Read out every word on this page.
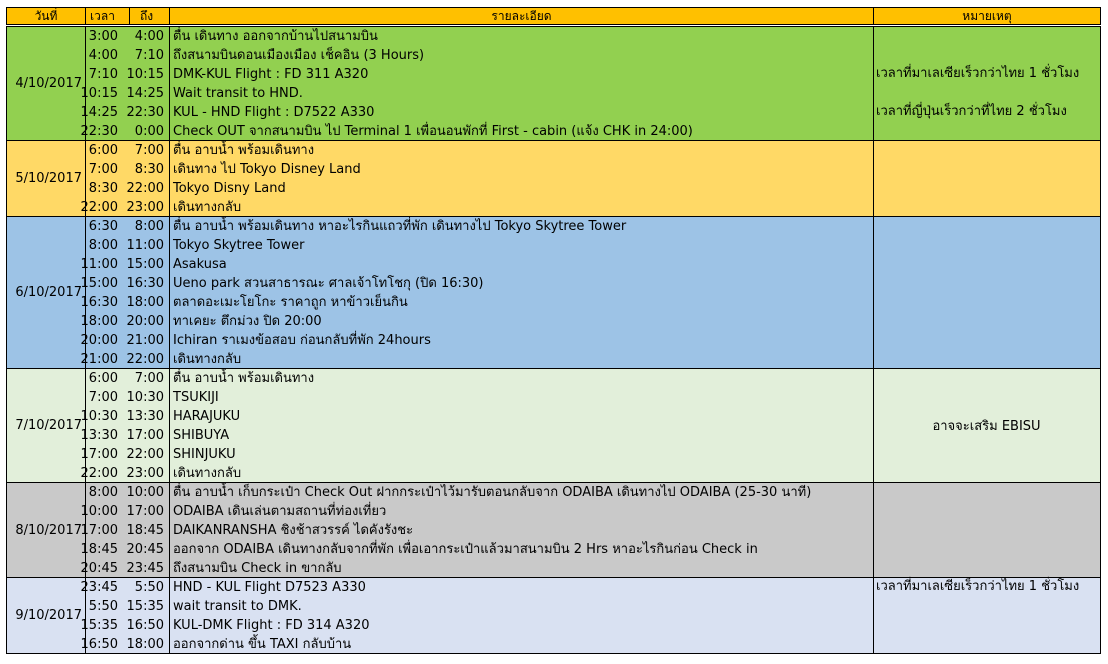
วันที่	เวลา	ถึง	รายละเอียด	หมายเหตุ
4/10/2017
3:00	4:00 ตื่น เดินทาง ออกจากบ้านไปสนามบิน
4:00	7:10 ถึงสนามบินดอนเมืองเมือง เช็คอิน (3 Hours)
7:10 10:15 DMK-KUL Flight : FD 311 A320
10:15 14:25 Wait transit to HND.
14:25 22:30 KUL - HND Flight : D7522 A330
22:30	0:00 Check OUT จากสนามบิน ไป Terminal 1 เพื่อนอนพักที่ First - cabin (แจ้ง CHK in 24:00)
เวลาที่มาเลเซียเร็วกว่าไทย 1 ชั่วโมง
เวลาที่ญี่ปุ่นเร็วกว่าที่ไทย 2 ชั่วโมง
5/10/2017
6:00	7:00 ตื่น อาบน้ำ พร้อมเดินทาง
7:00	8:30 เดินทาง ไป Tokyo Disney Land
8:30 22:00 Tokyo Disny Land
22:00 23:00 เดินทางกลับ
6/10/2017
6:30	8:00 ตื่น อาบน้ำ พร้อมเดินทาง หาอะไรกินแถวที่พัก เดินทางไป Tokyo Skytree Tower
8:00 11:00 Tokyo Skytree Tower
11:00 15:00 Asakusa
15:00 16:30 Ueno park สวนสาธารณะ ศาลเจ้าโทโชกุ (ปิด 16:30)
16:30 18:00 ตลาดอะเมะโยโกะ ราคาถูก หาข้าวเย็นกิน
18:00 20:00 ทาเคยะ ตึกม่วง ปิด 20:00
20:00 21:00 Ichiran ราเมงข้อสอบ ก่อนกลับที่พัก 24hours
21:00 22:00 เดินทางกลับ
7/10/2017
6:00	7:00 ตื่น อาบน้ำ พร้อมเดินทาง
7:00 10:30 TSUKIJI
10:30 13:30 HARAJUKU
13:30 17:00 SHIBUYA
17:00 22:00 SHINJUKU
22:00 23:00 เดินทางกลับ
อาจจะเสริม EBISU
8/10/2017
8:00 10:00 ตื่น อาบน้ำ เก็บกระเป๋า Check Out ฝากกระเป๋าไว้มารับตอนกลับจาก ODAIBA เดินทางไป ODAIBA (25-30 นาที)
10:00 17:00 ODAIBA เดินเล่นตามสถานที่ท่องเที่ยว
17:00 18:45 DAIKANRANSHA ชิงช้าสวรรค์ ไดคังรังชะ
18:45 20:45 ออกจาก ODAIBA เดินทางกลับจากที่พัก เพื่อเอากระเป๋าแล้วมาสนามบิน 2 Hrs หาอะไรกินก่อน Check in
20:45 23:45 ถึงสนามบิน Check in ขากลับ
9/10/2017
23:45	5:50 HND - KUL Flight D7523 A330
5:50 15:35 wait transit to DMK.
15:35 16:50 KUL-DMK Flight : FD 314 A320
16:50 18:00 ออกจากด่าน ขึ้น TAXI กลับบ้าน
เวลาที่มาเลเซียเร็วกว่าไทย 1 ชั่วโมง
